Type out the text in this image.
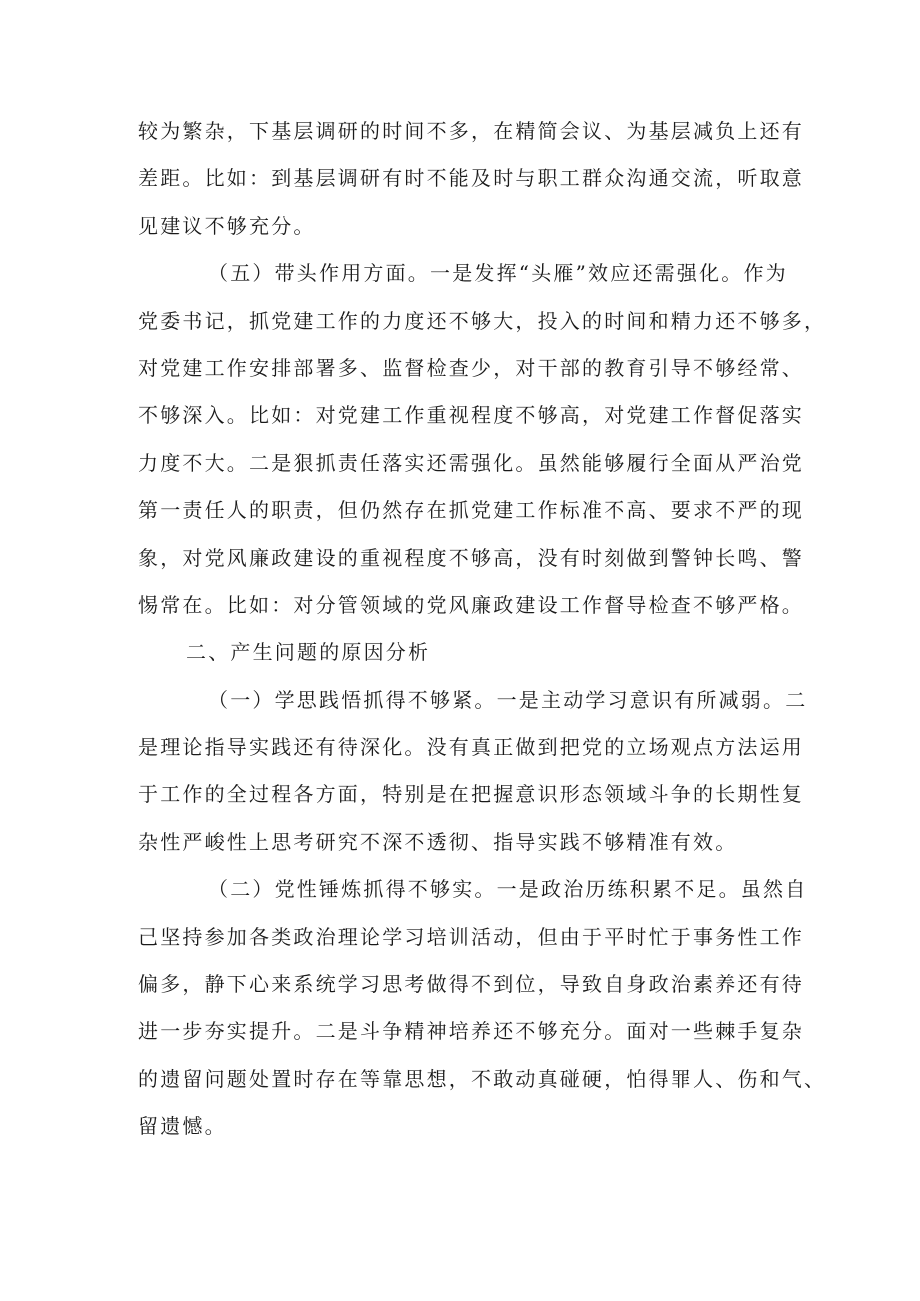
较为繁杂，下基层调研的时间不多，在精简会议、为基层减负上还有
差距。比如：到基层调研有时不能及时与职工群众沟通交流，听取意
见建议不够充分。
（五）带头作用方面。一是发挥“头雁”效应还需强化。作为
党委书记，抓党建工作的力度还不够大，投入的时间和精力还不够多，
对党建工作安排部署多、监督检查少，对干部的教育引导不够经常、
不够深入。比如：对党建工作重视程度不够高，对党建工作督促落实
力度不大。二是狠抓责任落实还需强化。虽然能够履行全面从严治党
第一责任人的职责，但仍然存在抓党建工作标准不高、要求不严的现
象，对党风廉政建设的重视程度不够高，没有时刻做到警钟长鸣、警
惕常在。比如：对分管领域的党风廉政建设工作督导检查不够严格。
二、产生问题的原因分析
（一）学思践悟抓得不够紧。一是主动学习意识有所减弱。二
是理论指导实践还有待深化。没有真正做到把党的立场观点方法运用
于工作的全过程各方面，特别是在把握意识形态领域斗争的长期性复
杂性严峻性上思考研究不深不透彻、指导实践不够精准有效。
（二）党性锤炼抓得不够实。一是政治历练积累不足。虽然自
己坚持参加各类政治理论学习培训活动，但由于平时忙于事务性工作
偏多，静下心来系统学习思考做得不到位，导致自身政治素养还有待
进一步夯实提升。二是斗争精神培养还不够充分。面对一些棘手复杂
的遗留问题处置时存在等靠思想，不敢动真碰硬，怕得罪人、伤和气、
留遗憾。
